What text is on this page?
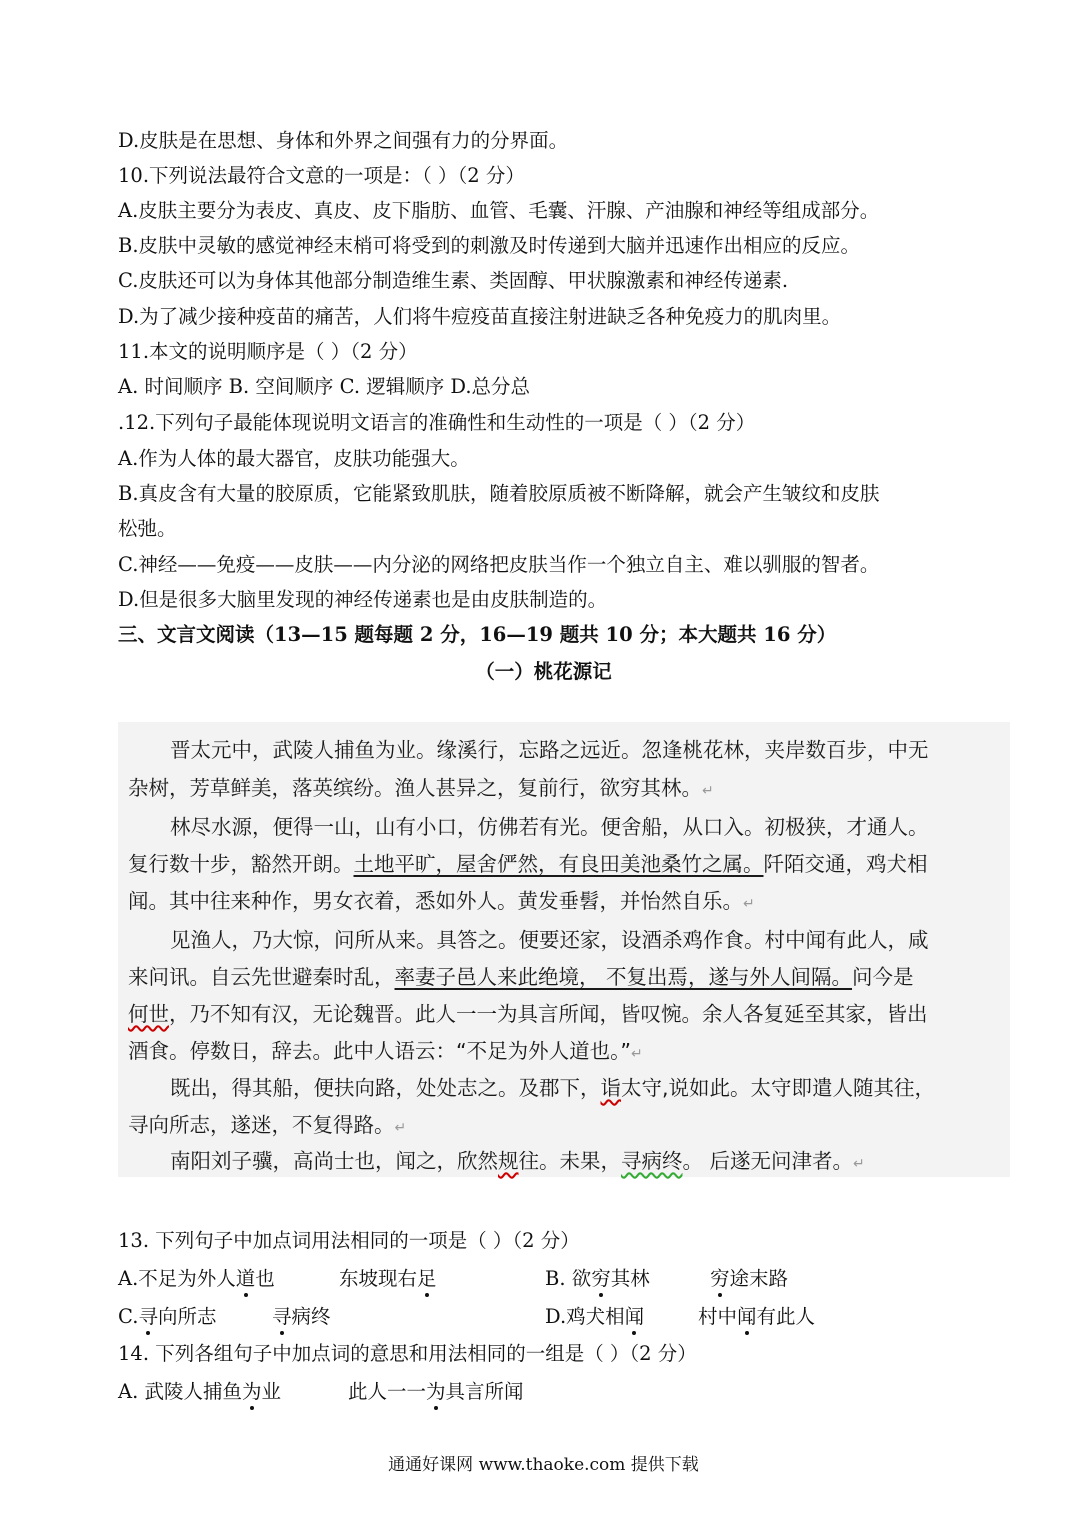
D.皮肤是在思想、身体和外界之间强有力的分界面。
10.下列说法最符合文意的一项是：（ ）（2 分）
A.皮肤主要分为表皮、真皮、皮下脂肪、血管、毛囊、汗腺、产油腺和神经等组成部分。
B.皮肤中灵敏的感觉神经末梢可将受到的刺激及时传递到大脑并迅速作出相应的反应。
C.皮肤还可以为身体其他部分制造维生素、类固醇、甲状腺激素和神经传递素.
D.为了减少接种疫苗的痛苦，人们将牛痘疫苗直接注射进缺乏各种免疫力的肌肉里。
11.本文的说明顺序是（ ）（2 分）
A. 时间顺序 B. 空间顺序 C. 逻辑顺序 D.总分总
.12.下列句子最能体现说明文语言的准确性和生动性的一项是（ ）（2 分）
A.作为人体的最大器官，皮肤功能强大。
B.真皮含有大量的胶原质，它能紧致肌肤，随着胶原质被不断降解，就会产生皱纹和皮肤
松弛。
C.神经——免疫——皮肤——内分泌的网络把皮肤当作一个独立自主、难以驯服的智者。
D.但是很多大脑里发现的神经传递素也是由皮肤制造的。
三、文言文阅读（13—15 题每题 2 分，16—19 题共 10 分；本大题共 16 分）
（一）桃花源记
晋太元中，武陵人捕鱼为业。缘溪行，忘路之远近。忽逢桃花林，夹岸数百步，中无
杂树，芳草鲜美，落英缤纷。渔人甚异之，复前行，欲穷其林。↵
林尽水源，便得一山，山有小口，仿佛若有光。便舍船，从口入。初极狭，才通人。
复行数十步，豁然开朗。土地平旷，屋舍俨然，有良田美池桑竹之属。阡陌交通，鸡犬相
闻。其中往来种作，男女衣着，悉如外人。黄发垂髫，并怡然自乐。↵
见渔人，乃大惊，问所从来。具答之。便要还家，设酒杀鸡作食。村中闻有此人，咸
来问讯。自云先世避秦时乱，率妻子邑人来此绝境， 不复出焉，遂与外人间隔。问今是
何世，乃不知有汉，无论魏晋。此人一一为具言所闻，皆叹惋。余人各复延至其家，皆出
酒食。停数日，辞去。此中人语云：“不足为外人道也。”↵
既出，得其船，便扶向路，处处志之。及郡下，诣太守,说如此。太守即遣人随其往，
寻向所志，遂迷，不复得路。↵
南阳刘子骥，高尚士也，闻之，欣然规往。未果，寻病终。 后遂无问津者。↵
13. 下列句子中加点词用法相同的一项是（ ）（2 分）
A.不足为外人道也	东坡现右足	B. 欲穷其林	穷途末路
C.寻向所志	寻病终	D.鸡犬相闻	村中闻有此人
14. 下列各组句子中加点词的意思和用法相同的一组是（ ）（2 分）
A. 武陵人捕鱼为业	此人一一为具言所闻
通通好课网 www.thaoke.com 提供下载
